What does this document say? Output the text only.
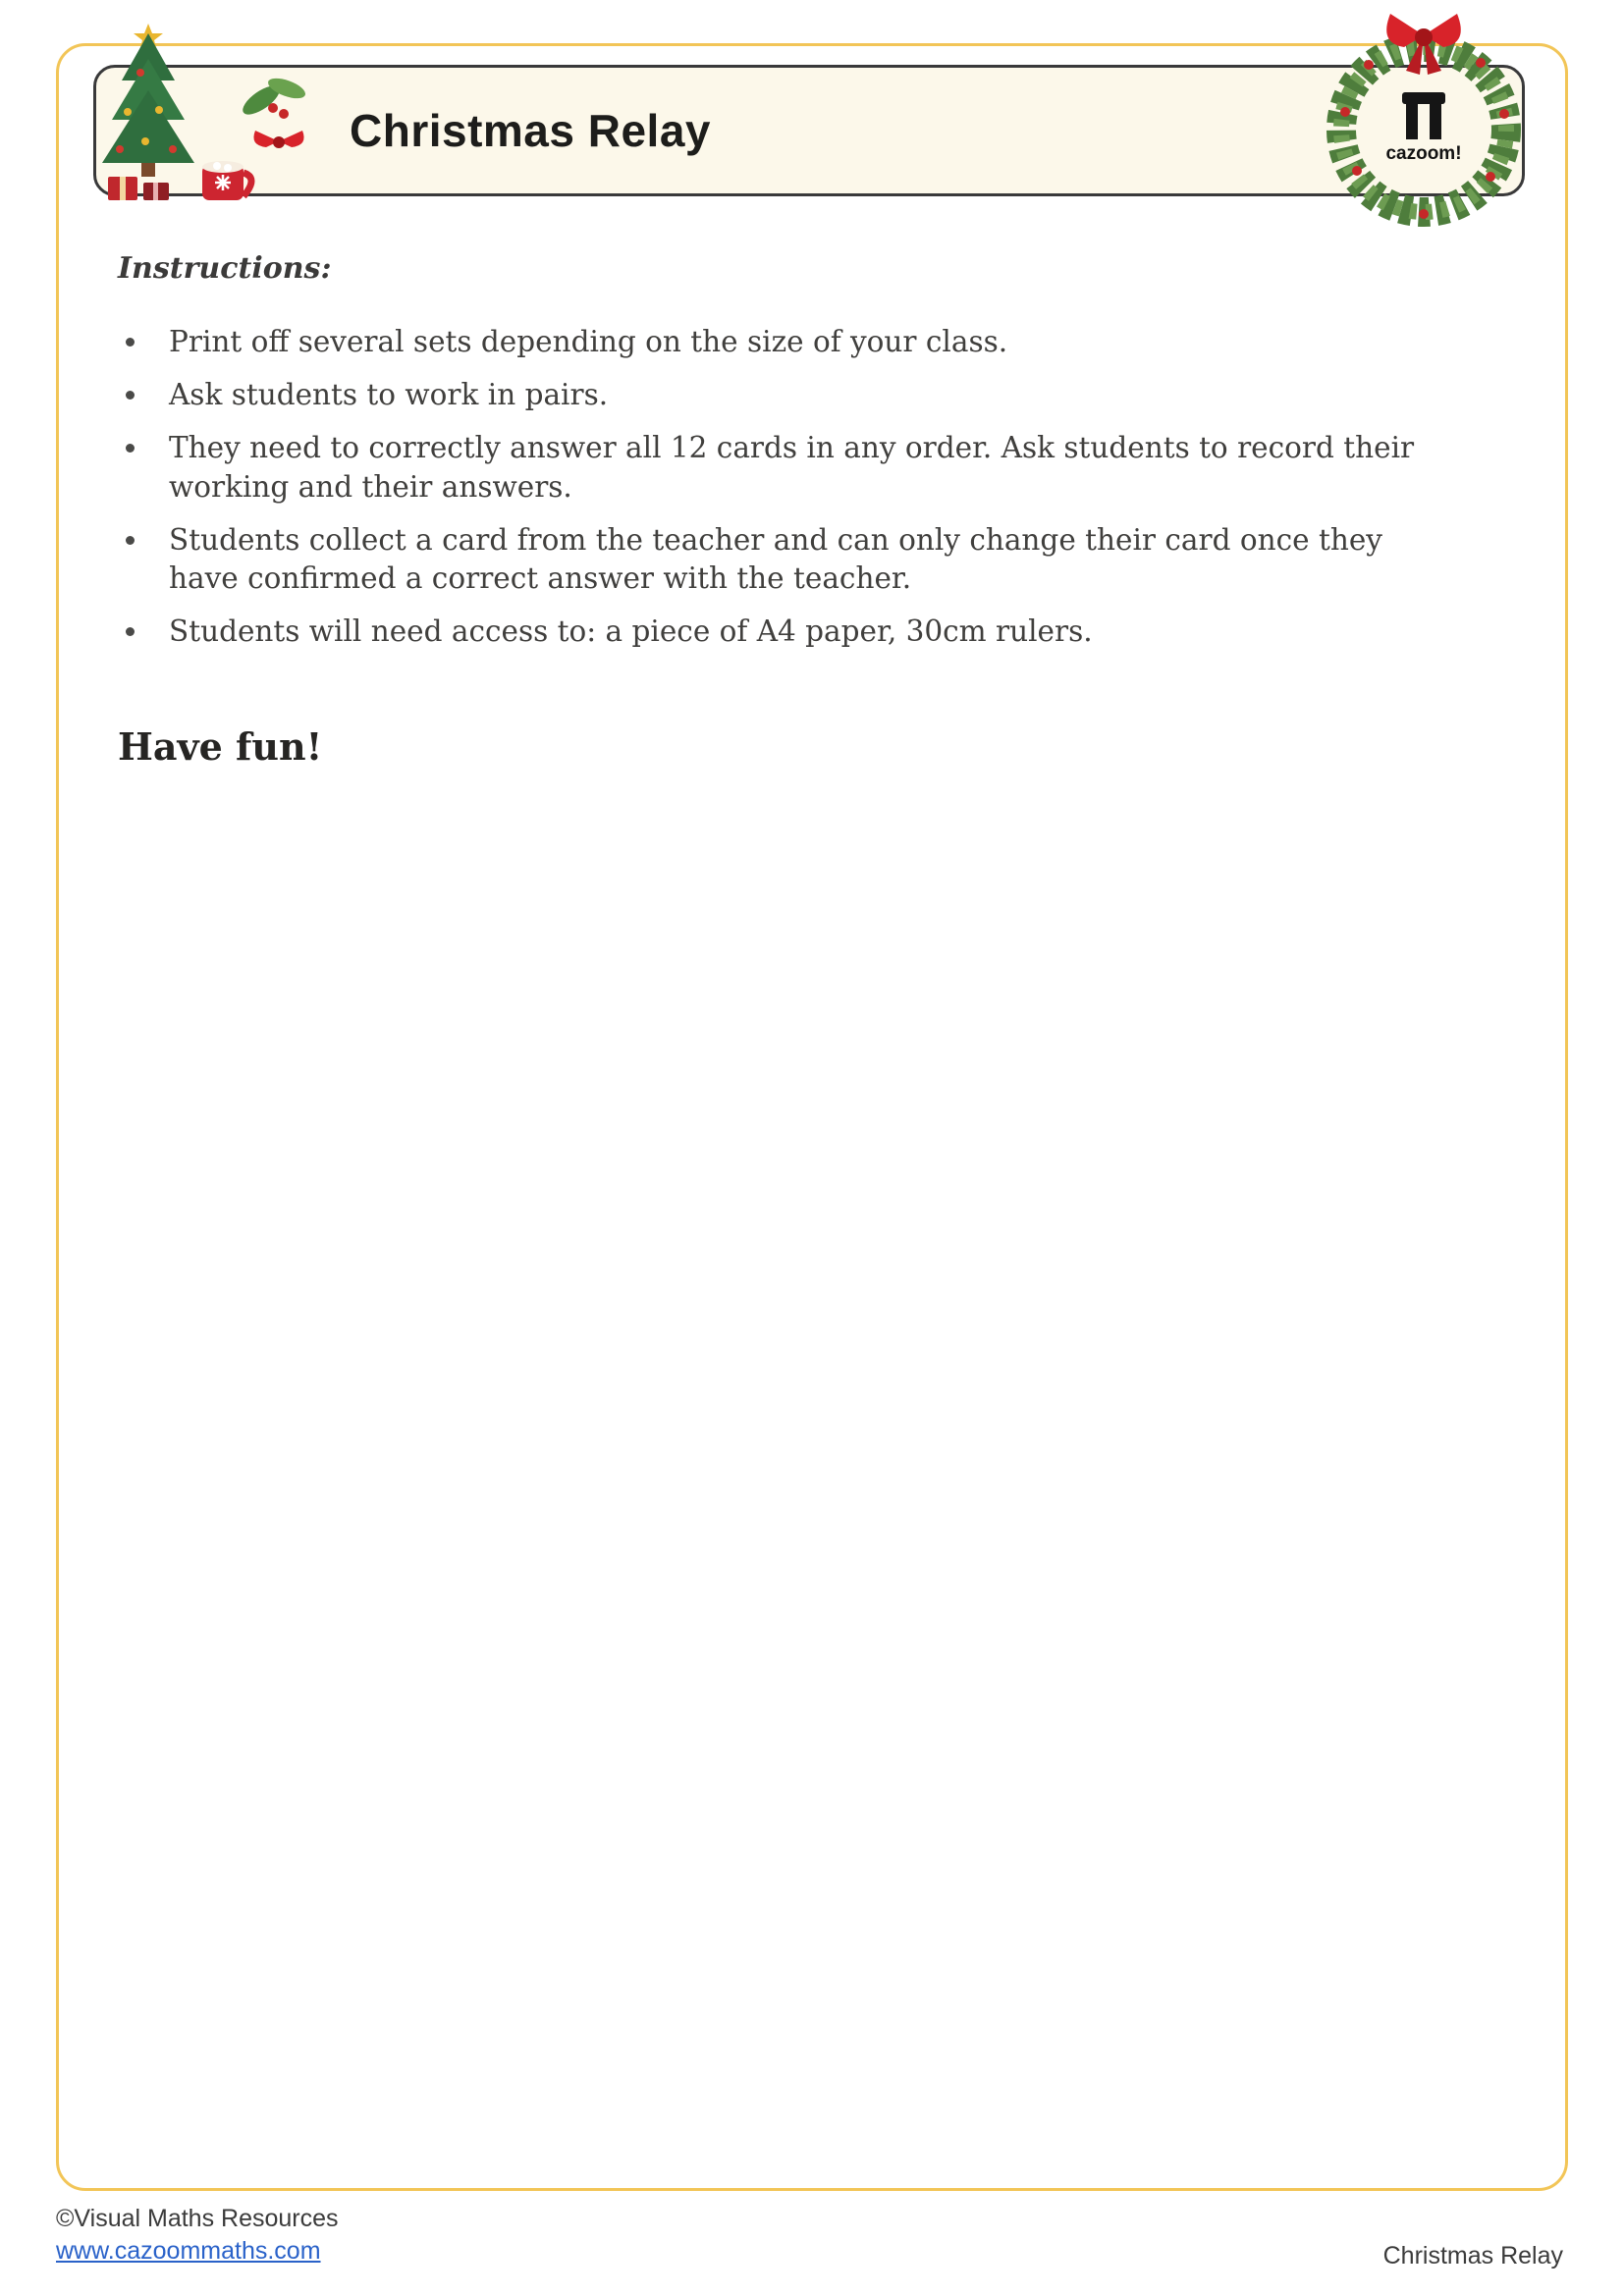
Christmas Relay	cazoom!
Instructions:
Print off several sets depending on the size of your class.
Ask students to work in pairs.
They need to correctly answer all 12 cards in any order. Ask students to record their working and their answers.
Students collect a card from the teacher and can only change their card once they have confirmed a correct answer with the teacher.
Students will need access to: a piece of A4 paper, 30cm rulers.
Have fun!
©Visual Maths Resources
www.cazoommaths.com	Christmas Relay
